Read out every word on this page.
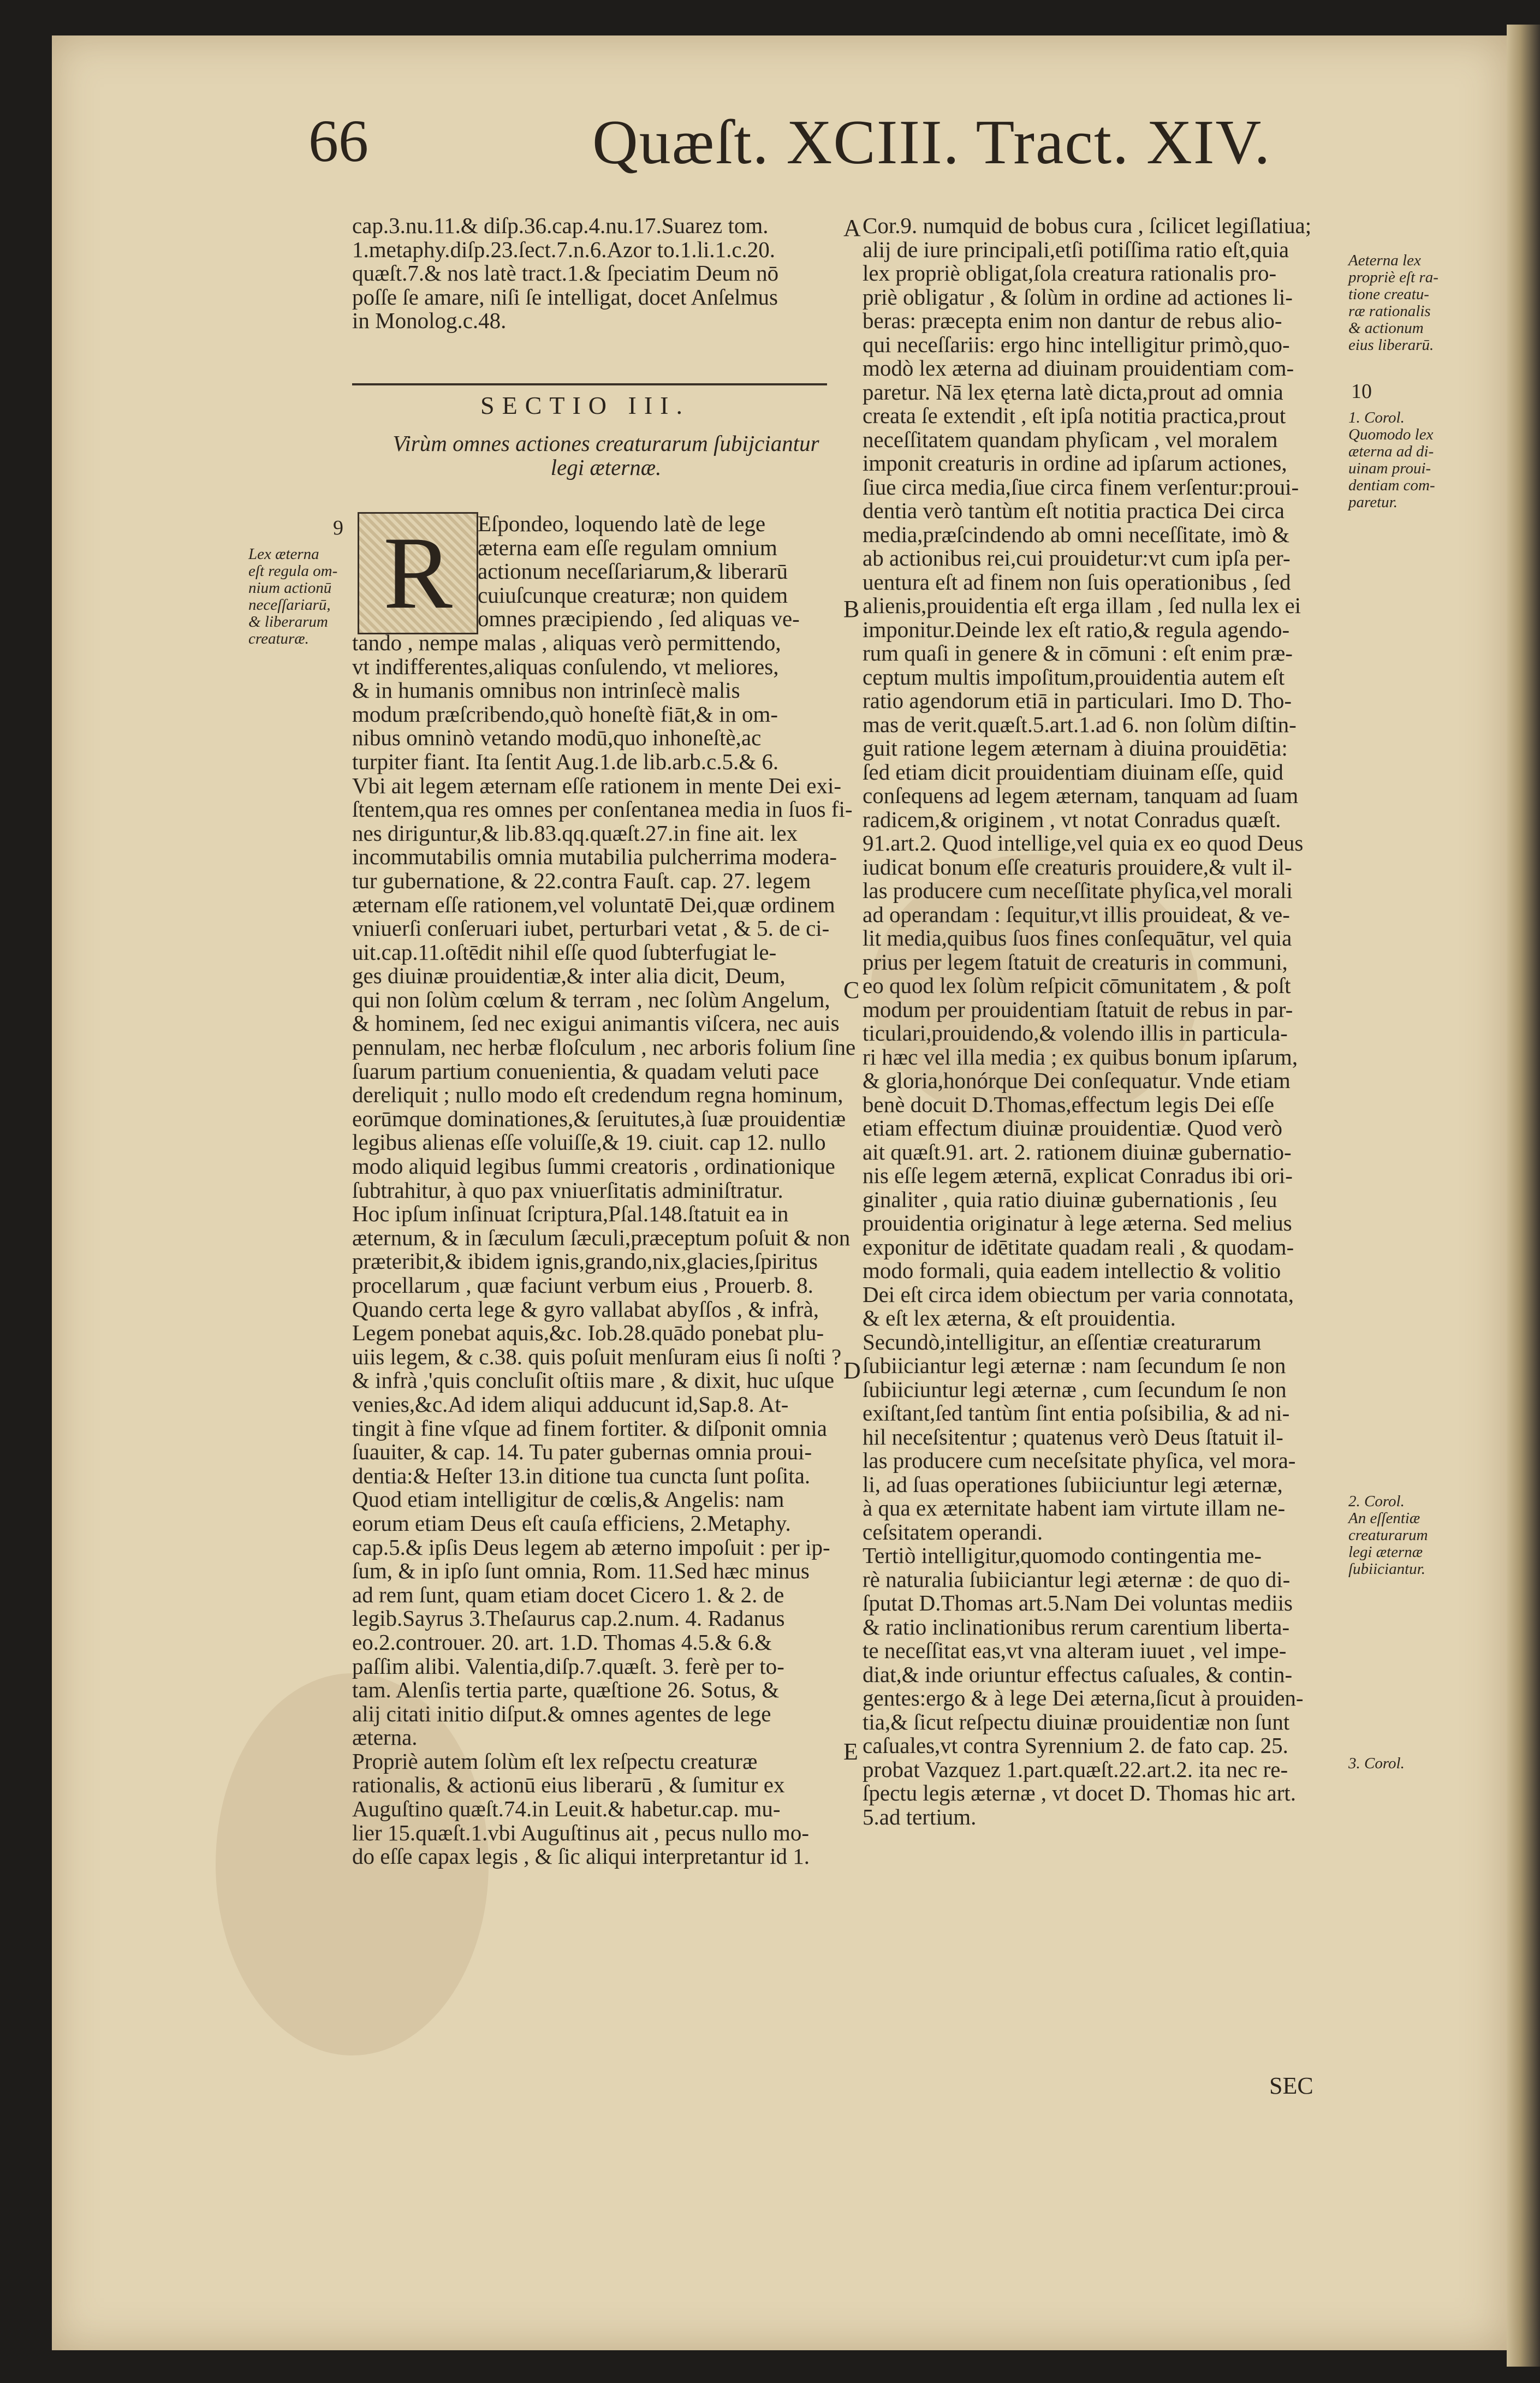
66	Quæſt. XCIII. Tract. XIV.

cap.3.nu.11.& diſp.36.cap.4.nu.17.Suarez tom.

1.metaphy.diſp.23.ſect.7.n.6.Azor to.1.li.1.c.20.

quæſt.7.& nos latè tract.1.& ſpeciatim Deum nō

poſſe ſe amare, niſi ſe intelligat, docet Anſelmus

in Monolog.c.48.

SECTIO III.
Virùm omnes actiones creaturarum ſubijciantur
legi æternæ.
R	Eſpondeo, loquendo latè de lege

æterna eam eſſe regulam omnium

actionum neceſſariarum,& liberarū

cuiuſcunque creaturæ; non quidem

omnes præcipiendo , ſed aliquas ve-

tando , nempe malas , aliquas verò permittendo,

vt indifferentes,aliquas conſulendo, vt meliores,

& in humanis omnibus non intrinſecè malis

modum præſcribendo,quò honeſtè fiāt,& in om-

nibus omninò vetando modū,quo inhoneſtè,ac

turpiter fiant. Ita ſentit Aug.1.de lib.arb.c.5.& 6.

Vbi ait legem æternam eſſe rationem in mente Dei exi-

ſtentem,qua res omnes per conſentanea media in ſuos fi-

nes diriguntur,& lib.83.qq.quæſt.27.in fine ait. lex

incommutabilis omnia mutabilia pulcherrima modera-

tur gubernatione, & 22.contra Fauſt. cap. 27. legem

æternam eſſe rationem,vel voluntatē Dei,quæ ordinem

vniuerſi conſeruari iubet, perturbari vetat , & 5. de ci-

uit.cap.11.oſtēdit nihil eſſe quod ſubterfugiat le-

ges diuinæ prouidentiæ,& inter alia dicit, Deum,

qui non ſolùm cœlum & terram , nec ſolùm Angelum,

& hominem, ſed nec exigui animantis viſcera, nec auis

pennulam, nec herbæ floſculum , nec arboris folium ſine

ſuarum partium conuenientia, & quadam veluti pace

dereliquit ; nullo modo eſt credendum regna hominum,

eorūmque dominationes,& ſeruitutes,à ſuæ prouidentiæ

legibus alienas eſſe voluiſſe,& 19. ciuit. cap 12. nullo

modo aliquid legibus ſummi creatoris , ordinationique

ſubtrahitur, à quo pax vniuerſitatis adminiſtratur.

Hoc ipſum inſinuat ſcriptura,Pſal.148.ſtatuit ea in

æternum, & in ſæculum ſæculi,præceptum poſuit & non

præteribit,& ibidem ignis,grando,nix,glacies,ſpiritus

procellarum , quæ faciunt verbum eius , Prouerb. 8.

Quando certa lege & gyro vallabat abyſſos , & infrà,

Legem ponebat aquis,&c. Iob.28.quādo ponebat plu-

uiis legem, & c.38. quis poſuit menſuram eius ſi noſti ?

& infrà ,'quis concluſit oſtiis mare , & dixit, huc uſque

venies,&c.Ad idem aliqui adducunt id,Sap.8. At-

tingit à fine vſque ad finem fortiter. & diſponit omnia

ſuauiter, & cap. 14. Tu pater gubernas omnia proui-

dentia:& Heſter 13.in ditione tua cuncta ſunt poſita.

Quod etiam intelligitur de cœlis,& Angelis: nam

eorum etiam Deus eſt cauſa efficiens, 2.Metaphy.

cap.5.& ipſis Deus legem ab æterno impoſuit : per ip-

ſum, & in ipſo ſunt omnia, Rom. 11.Sed hæc minus

ad rem ſunt, quam etiam docet Cicero 1. & 2. de

legib.Sayrus 3.Theſaurus cap.2.num. 4. Radanus

eo.2.controuer. 20. art. 1.D. Thomas 4.5.& 6.&

paſſim alibi. Valentia,diſp.7.quæſt. 3. ferè per to-

tam. Alenſis tertia parte, quæſtione 26. Sotus, &

alij citati initio diſput.& omnes agentes de lege

æterna.

Propriè autem ſolùm eſt lex reſpectu creaturæ

rationalis, & actionū eius liberarū , & ſumitur ex

Auguſtino quæſt.74.in Leuit.& habetur.cap. mu-

lier 15.quæſt.1.vbi Auguſtinus ait , pecus nullo mo-

do eſſe capax legis , & ſic aliqui interpretantur id 1.

Cor.9. numquid de bobus cura , ſcilicet legiſlatiua;

alij de iure principali,etſi potiſſima ratio eſt,quia

lex propriè obligat,ſola creatura rationalis pro-

priè obligatur , & ſolùm in ordine ad actiones li-

beras: præcepta enim non dantur de rebus alio-

qui neceſſariis: ergo hinc intelligitur primò,quo-

modò lex æterna ad diuinam prouidentiam com-

paretur. Nā lex ęterna latè dicta,prout ad omnia

creata ſe extendit , eſt ipſa notitia practica,prout

neceſſitatem quandam phyſicam , vel moralem

imponit creaturis in ordine ad ipſarum actiones,

ſiue circa media,ſiue circa finem verſentur:proui-

dentia verò tantùm eſt notitia practica Dei circa

media,præſcindendo ab omni neceſſitate, imò &

ab actionibus rei,cui prouidetur:vt cum ipſa per-

uentura eſt ad finem non ſuis operationibus , ſed

alienis,prouidentia eſt erga illam , ſed nulla lex ei

imponitur.Deinde lex eſt ratio,& regula agendo-

rum quaſi in genere & in cōmuni : eſt enim præ-

ceptum multis impoſitum,prouidentia autem eſt

ratio agendorum etiā in particulari. Imo D. Tho-

mas de verit.quæſt.5.art.1.ad 6. non ſolùm diſtin-

guit ratione legem æternam à diuina prouidētia:

ſed etiam dicit prouidentiam diuinam eſſe, quid

conſequens ad legem æternam, tanquam ad ſuam

radicem,& originem , vt notat Conradus quæſt.

91.art.2. Quod intellige,vel quia ex eo quod Deus

iudicat bonum eſſe creaturis prouidere,& vult il-

las producere cum neceſſitate phyſica,vel morali

ad operandam : ſequitur,vt illis prouideat, & ve-

lit media,quibus ſuos fines conſequātur, vel quia

prius per legem ſtatuit de creaturis in communi,

eo quod lex ſolùm reſpicit cōmunitatem , & poſt

modum per prouidentiam ſtatuit de rebus in par-

ticulari,prouidendo,& volendo illis in particula-

ri hæc vel illa media ; ex quibus bonum ipſarum,

& gloria,honórque Dei conſequatur. Vnde etiam

benè docuit D.Thomas,effectum legis Dei eſſe

etiam effectum diuinæ prouidentiæ. Quod verò

ait quæſt.91. art. 2. rationem diuinæ gubernatio-

nis eſſe legem æternā, explicat Conradus ibi ori-

ginaliter , quia ratio diuinæ gubernationis , ſeu

prouidentia originatur à lege æterna. Sed melius

exponitur de idētitate quadam reali , & quodam-

modo formali, quia eadem intellectio & volitio

Dei eſt circa idem obiectum per varia connotata,

& eſt lex æterna, & eſt prouidentia.

Secundò,intelligitur, an eſſentiæ creaturarum

ſubiiciantur legi æternæ : nam ſecundum ſe non

ſubiiciuntur legi æternæ , cum ſecundum ſe non

exiſtant,ſed tantùm ſint entia poſsibilia, & ad ni-

hil neceſsitentur ; quatenus verò Deus ſtatuit il-

las producere cum neceſsitate phyſica, vel mora-

li, ad ſuas operationes ſubiiciuntur legi æternæ,

à qua ex æternitate habent iam virtute illam ne-

ceſsitatem operandi.

Tertiò intelligitur,quomodo contingentia me-

rè naturalia ſubiiciantur legi æternæ : de quo di-

ſputat D.Thomas art.5.Nam Dei voluntas mediis

& ratio inclinationibus rerum carentium liberta-

te neceſſitat eas,vt vna alteram iuuet , vel impe-

diat,& inde oriuntur effectus caſuales, & contin-

gentes:ergo & à lege Dei æterna,ſicut à prouiden-

tia,& ſicut reſpectu diuinæ prouidentiæ non ſunt

caſuales,vt contra Syrennium 2. de fato cap. 25.

probat Vazquez 1.part.quæſt.22.art.2. ita nec re-

ſpectu legis æternæ , vt docet D. Thomas hic art.

5.ad tertium.

A
B
C
D
E
9

Lex æterna

eſt regula om-

nium actionū

neceſſariarū,

& liberarum

creaturæ.

Aeterna lex

propriè eſt ra-

tione creatu-

ræ rationalis

& actionum

eius liberarū.

10

1. Corol.

Quomodo lex

æterna ad di-

uinam proui-

dentiam com-

paretur.

2. Corol.

An eſſentiæ

creaturarum

legi æternæ

ſubiiciantur.

3. Corol.

SEC
